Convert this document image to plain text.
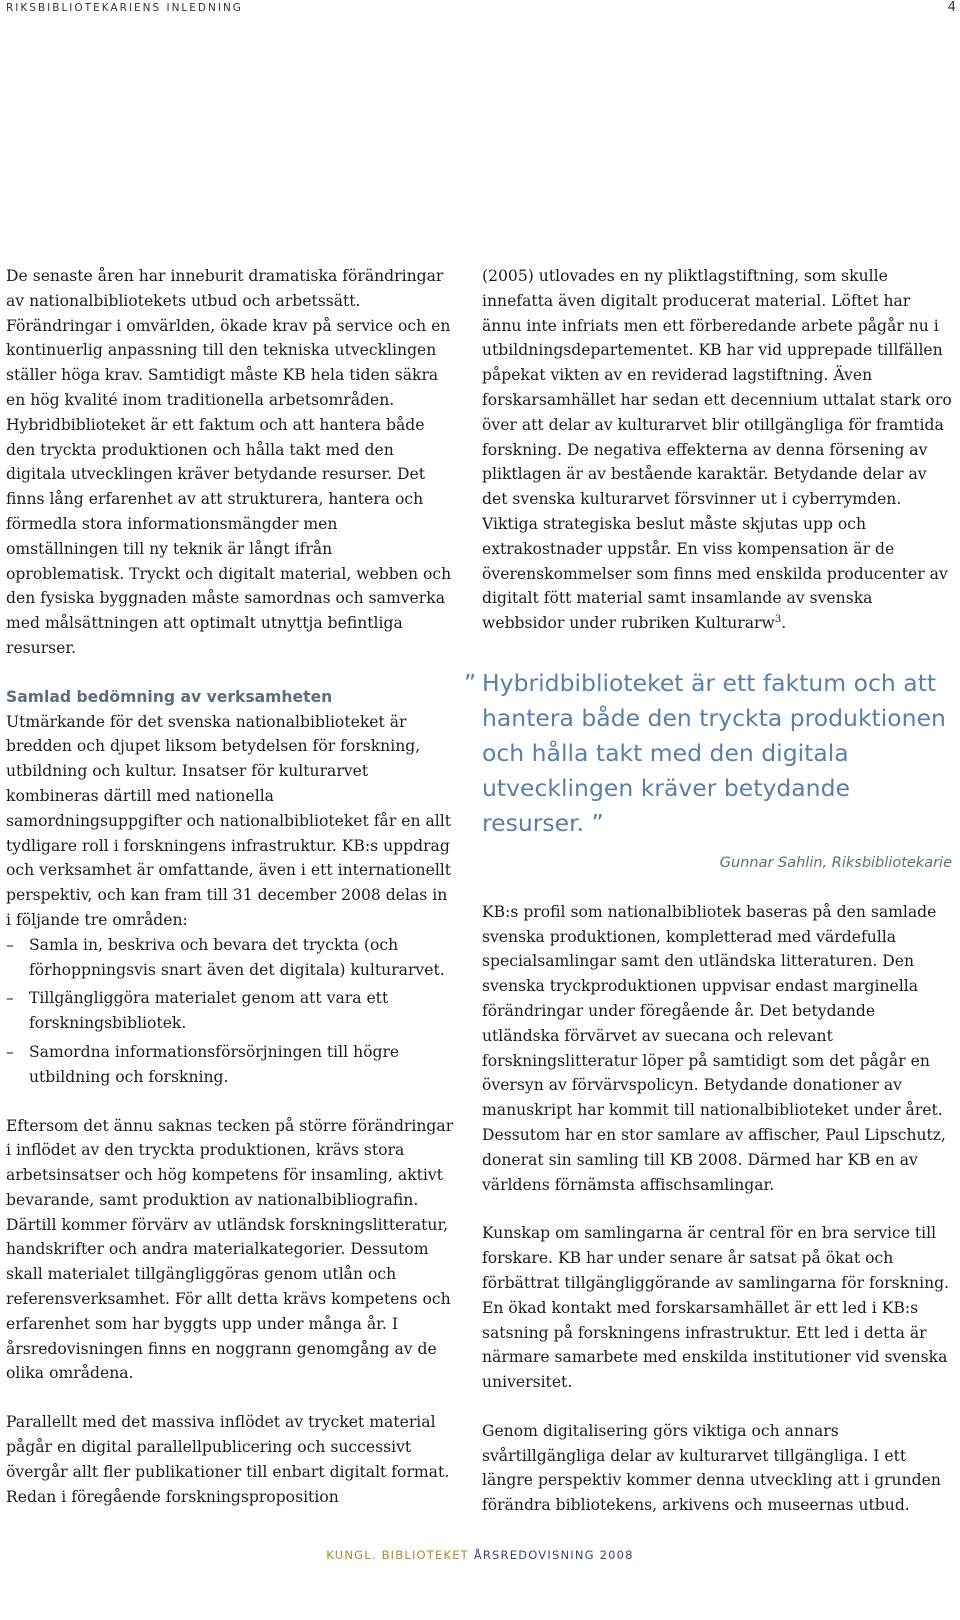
RIKSBIBLIOTEKARIENS INLEDNING	4

De senaste åren har inneburit dramatiska förändringar av nationalbibliotekets utbud och arbetssätt. Förändringar i omvärlden, ökade krav på service och en kontinuerlig anpassning till den tekniska utvecklingen ställer höga krav. Samtidigt måste KB hela tiden säkra en hög kvalité inom traditionella arbetsområden. Hybridbiblioteket är ett faktum och att hantera både den tryckta produktionen och hålla takt med den digitala utvecklingen kräver betydande resurser. Det finns lång erfarenhet av att strukturera, hantera och förmedla stora informationsmängder men omställningen till ny teknik är långt ifrån oproblematisk. Tryckt och digitalt material, webben och den fysiska byggnaden måste samordnas och samverka med målsättningen att optimalt utnyttja befintliga resurser.

Samlad bedömning av verksamheten

Utmärkande för det svenska nationalbiblioteket är bredden och djupet liksom betydelsen för forskning, utbildning och kultur. Insatser för kulturarvet kombineras därtill med nationella samordningsuppgifter och nationalbiblioteket får en allt tydligare roll i forskningens infrastruktur. KB:s uppdrag och verksamhet är omfattande, även i ett internationellt perspektiv, och kan fram till 31 december 2008 delas in i följande tre områden:

– Samla in, beskriva och bevara det tryckta (och förhoppningsvis snart även det digitala) kulturarvet.
– Tillgängliggöra materialet genom att vara ett forskningsbibliotek.
– Samordna informationsförsörjningen till högre utbildning och forskning.

Eftersom det ännu saknas tecken på större förändringar i inflödet av den tryckta produktionen, krävs stora arbetsinsatser och hög kompetens för insamling, aktivt bevarande, samt produktion av nationalbibliografin. Därtill kommer förvärv av utländsk forskningslitteratur, handskrifter och andra materialkategorier. Dessutom skall materialet tillgängliggöras genom utlån och referensverksamhet. För allt detta krävs kompetens och erfarenhet som har byggts upp under många år. I årsredovisningen finns en noggrann genomgång av de olika områdena.

Parallellt med det massiva inflödet av trycket material pågår en digital parallellpublicering och successivt övergår allt fler publikationer till enbart digitalt format. Redan i föregående forskningsproposition

(2005) utlovades en ny pliktlagstiftning, som skulle innefatta även digitalt producerat material. Löftet har ännu inte infriats men ett förberedande arbete pågår nu i utbildningsdepartementet. KB har vid upprepade tillfällen påpekat vikten av en reviderad lagstiftning. Även forskarsamhället har sedan ett decennium uttalat stark oro över att delar av kulturarvet blir otillgängliga för framtida forskning. De negativa effekterna av denna försening av pliktlagen är av bestående karaktär. Betydande delar av det svenska kulturarvet försvinner ut i cyberrymden. Viktiga strategiska beslut måste skjutas upp och extrakostnader uppstår. En viss kompensation är de överenskommelser som finns med enskilda producenter av digitalt fött material samt insamlande av svenska webbsidor under rubriken Kulturarw$^3$.

” Hybridbiblioteket är ett faktum och att hantera både den tryckta produktionen och hålla takt med den digitala utvecklingen kräver betydande resurser. ”
Gunnar Sahlin, Riksbibliotekarie

KB:s profil som nationalbibliotek baseras på den samlade svenska produktionen, kompletterad med värdefulla specialsamlingar samt den utländska litteraturen. Den svenska tryckproduktionen uppvisar endast marginella förändringar under föregående år. Det betydande utländska förvärvet av suecana och relevant forskningslitteratur löper på samtidigt som det pågår en översyn av förvärvspolicyn. Betydande donationer av manuskript har kommit till nationalbiblioteket under året. Dessutom har en stor samlare av affischer, Paul Lipschutz, donerat sin samling till KB 2008. Därmed har KB en av världens förnämsta affischsamlingar.

Kunskap om samlingarna är central för en bra service till forskare. KB har under senare år satsat på ökat och förbättrat tillgängliggörande av samlingarna för forskning. En ökad kontakt med forskarsamhället är ett led i KB:s satsning på forskningens infrastruktur. Ett led i detta är närmare samarbete med enskilda institutioner vid svenska universitet.

Genom digitalisering görs viktiga och annars svårtillgängliga delar av kulturarvet tillgängliga. I ett längre perspektiv kommer denna utveckling att i grunden förändra bibliotekens, arkivens och museernas utbud.

KUNGL. BIBLIOTEKET ÅRSREDOVISNING 2008
